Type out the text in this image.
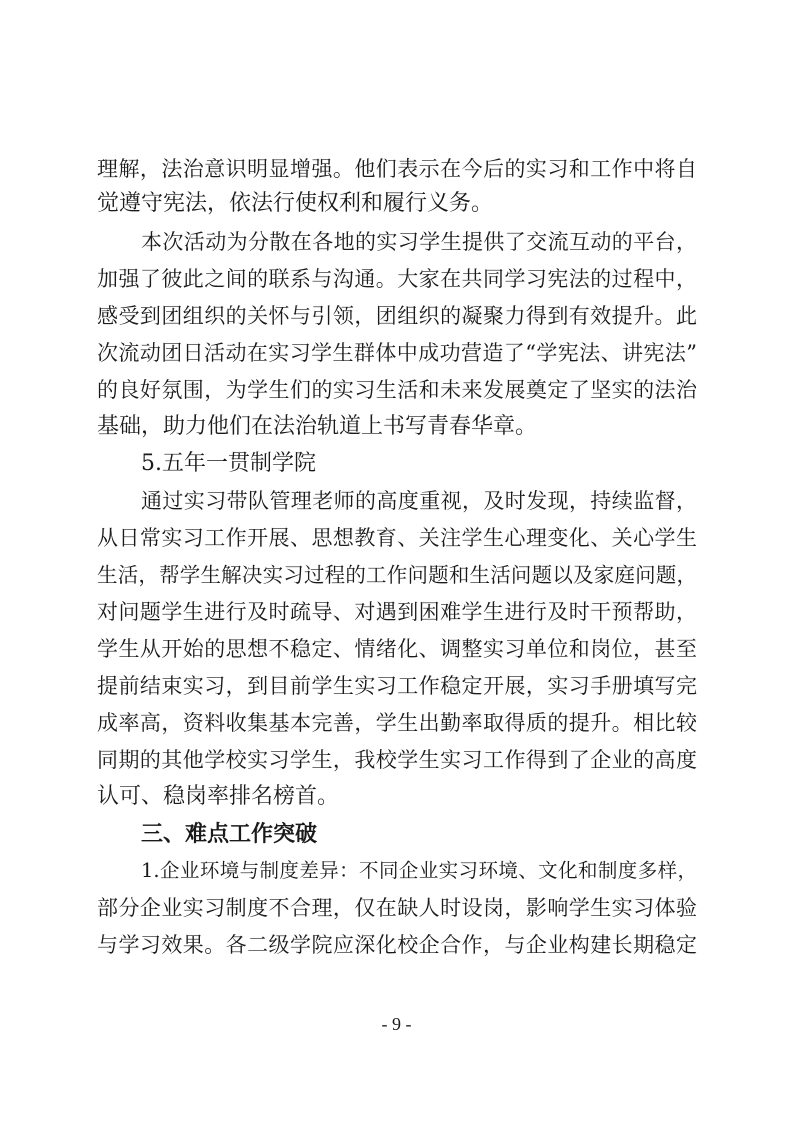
理解，法治意识明显增强。他们表示在今后的实习和工作中将自
觉遵守宪法，依法行使权利和履行义务。
本次活动为分散在各地的实习学生提供了交流互动的平台，
加强了彼此之间的联系与沟通。大家在共同学习宪法的过程中，
感受到团组织的关怀与引领，团组织的凝聚力得到有效提升。此
次流动团日活动在实习学生群体中成功营造了“学宪法、讲宪法”
的良好氛围，为学生们的实习生活和未来发展奠定了坚实的法治
基础，助力他们在法治轨道上书写青春华章。
5.五年一贯制学院
通过实习带队管理老师的高度重视，及时发现，持续监督，
从日常实习工作开展、思想教育、关注学生心理变化、关心学生
生活，帮学生解决实习过程的工作问题和生活问题以及家庭问题，
对问题学生进行及时疏导、对遇到困难学生进行及时干预帮助，
学生从开始的思想不稳定、情绪化、调整实习单位和岗位，甚至
提前结束实习，到目前学生实习工作稳定开展，实习手册填写完
成率高，资料收集基本完善，学生出勤率取得质的提升。相比较
同期的其他学校实习学生，我校学生实习工作得到了企业的高度
认可、稳岗率排名榜首。
三、难点工作突破
1.企业环境与制度差异：不同企业实习环境、文化和制度多样，
部分企业实习制度不合理，仅在缺人时设岗，影响学生实习体验
与学习效果。各二级学院应深化校企合作，与企业构建长期稳定
- 9 -
